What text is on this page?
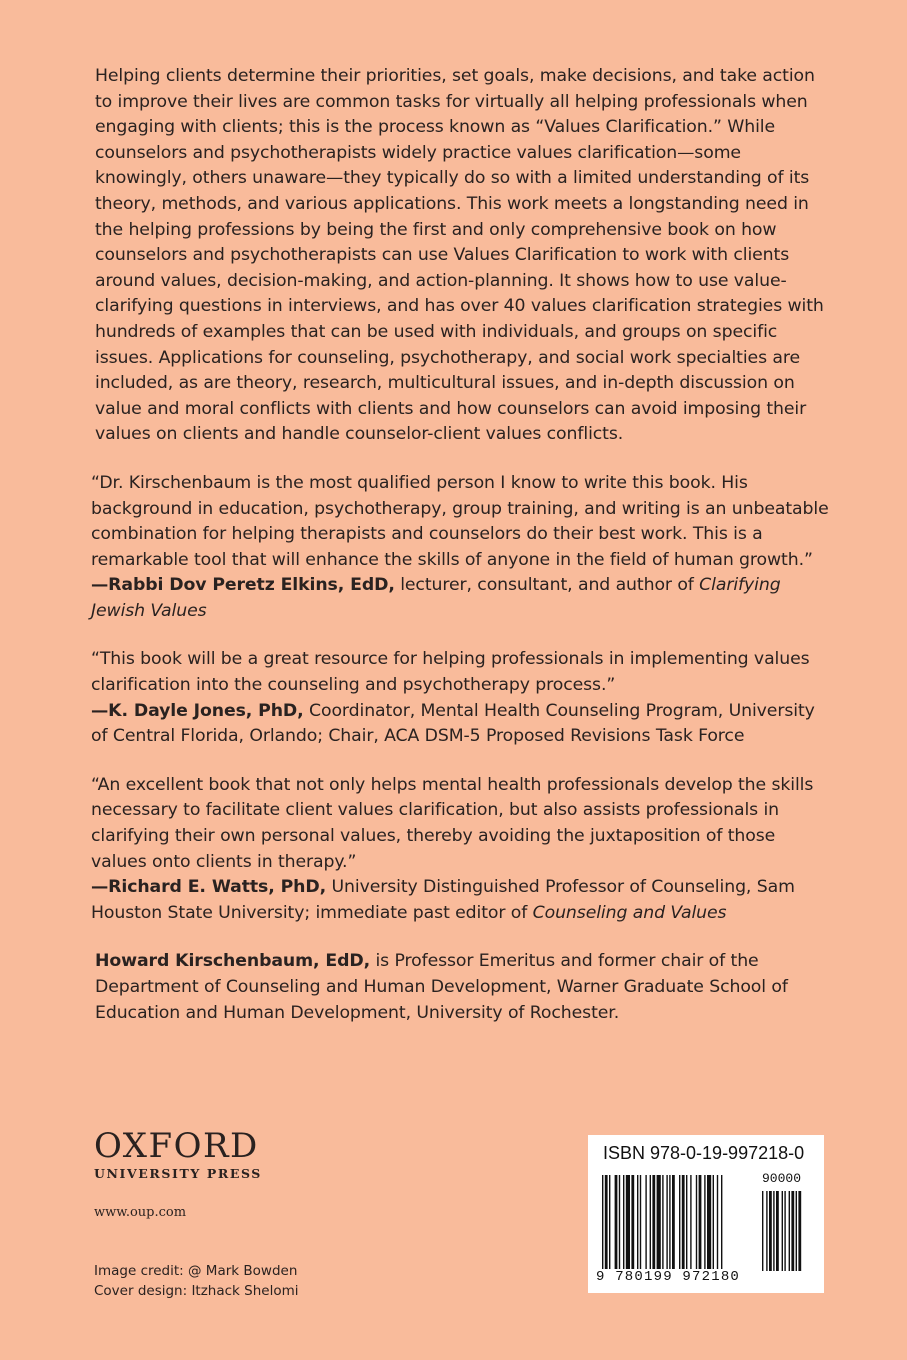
Helping clients determine their priorities, set goals, make decisions, and take action to improve their lives are common tasks for virtually all helping professionals when engaging with clients; this is the process known as “Values Clarification.” While counselors and psychotherapists widely practice values clarification—some knowingly, others unaware—they typically do so with a limited understanding of its theory, methods, and various applications. This work meets a longstanding need in the helping professions by being the first and only comprehensive book on how counselors and psychotherapists can use Values Clarification to work with clients around values, decision-making, and action-planning. It shows how to use value-clarifying questions in interviews, and has over 40 values clarification strategies with hundreds of examples that can be used with individuals, and groups on specific issues. Applications for counseling, psychotherapy, and social work specialties are included, as are theory, research, multicultural issues, and in-depth discussion on value and moral conflicts with clients and how counselors can avoid imposing their values on clients and handle counselor-client values conflicts.

“Dr. Kirschenbaum is the most qualified person I know to write this book. His background in education, psychotherapy, group training, and writing is an unbeatable combination for helping therapists and counselors do their best work. This is a remarkable tool that will enhance the skills of anyone in the field of human growth.”
—Rabbi Dov Peretz Elkins, EdD, lecturer, consultant, and author of Clarifying Jewish Values
“This book will be a great resource for helping professionals in implementing values clarification into the counseling and psychotherapy process.”
—K. Dayle Jones, PhD, Coordinator, Mental Health Counseling Program, University of Central Florida, Orlando; Chair, ACA DSM-5 Proposed Revisions Task Force
“An excellent book that not only helps mental health professionals develop the skills necessary to facilitate client values clarification, but also assists professionals in clarifying their own personal values, thereby avoiding the juxtaposition of those values onto clients in therapy.”
—Richard E. Watts, PhD, University Distinguished Professor of Counseling, Sam Houston State University; immediate past editor of Counseling and Values

Howard Kirschenbaum, EdD, is Professor Emeritus and former chair of the Department of Counseling and Human Development, Warner Graduate School of Education and Human Development, University of Rochester.

OXFORD
UNIVERSITY PRESS
www.oup.com
Image credit: @ Mark Bowden
Cover design: Itzhack Shelomi
ISBN 978-0-19-997218-0
90000
9 780199 972180
